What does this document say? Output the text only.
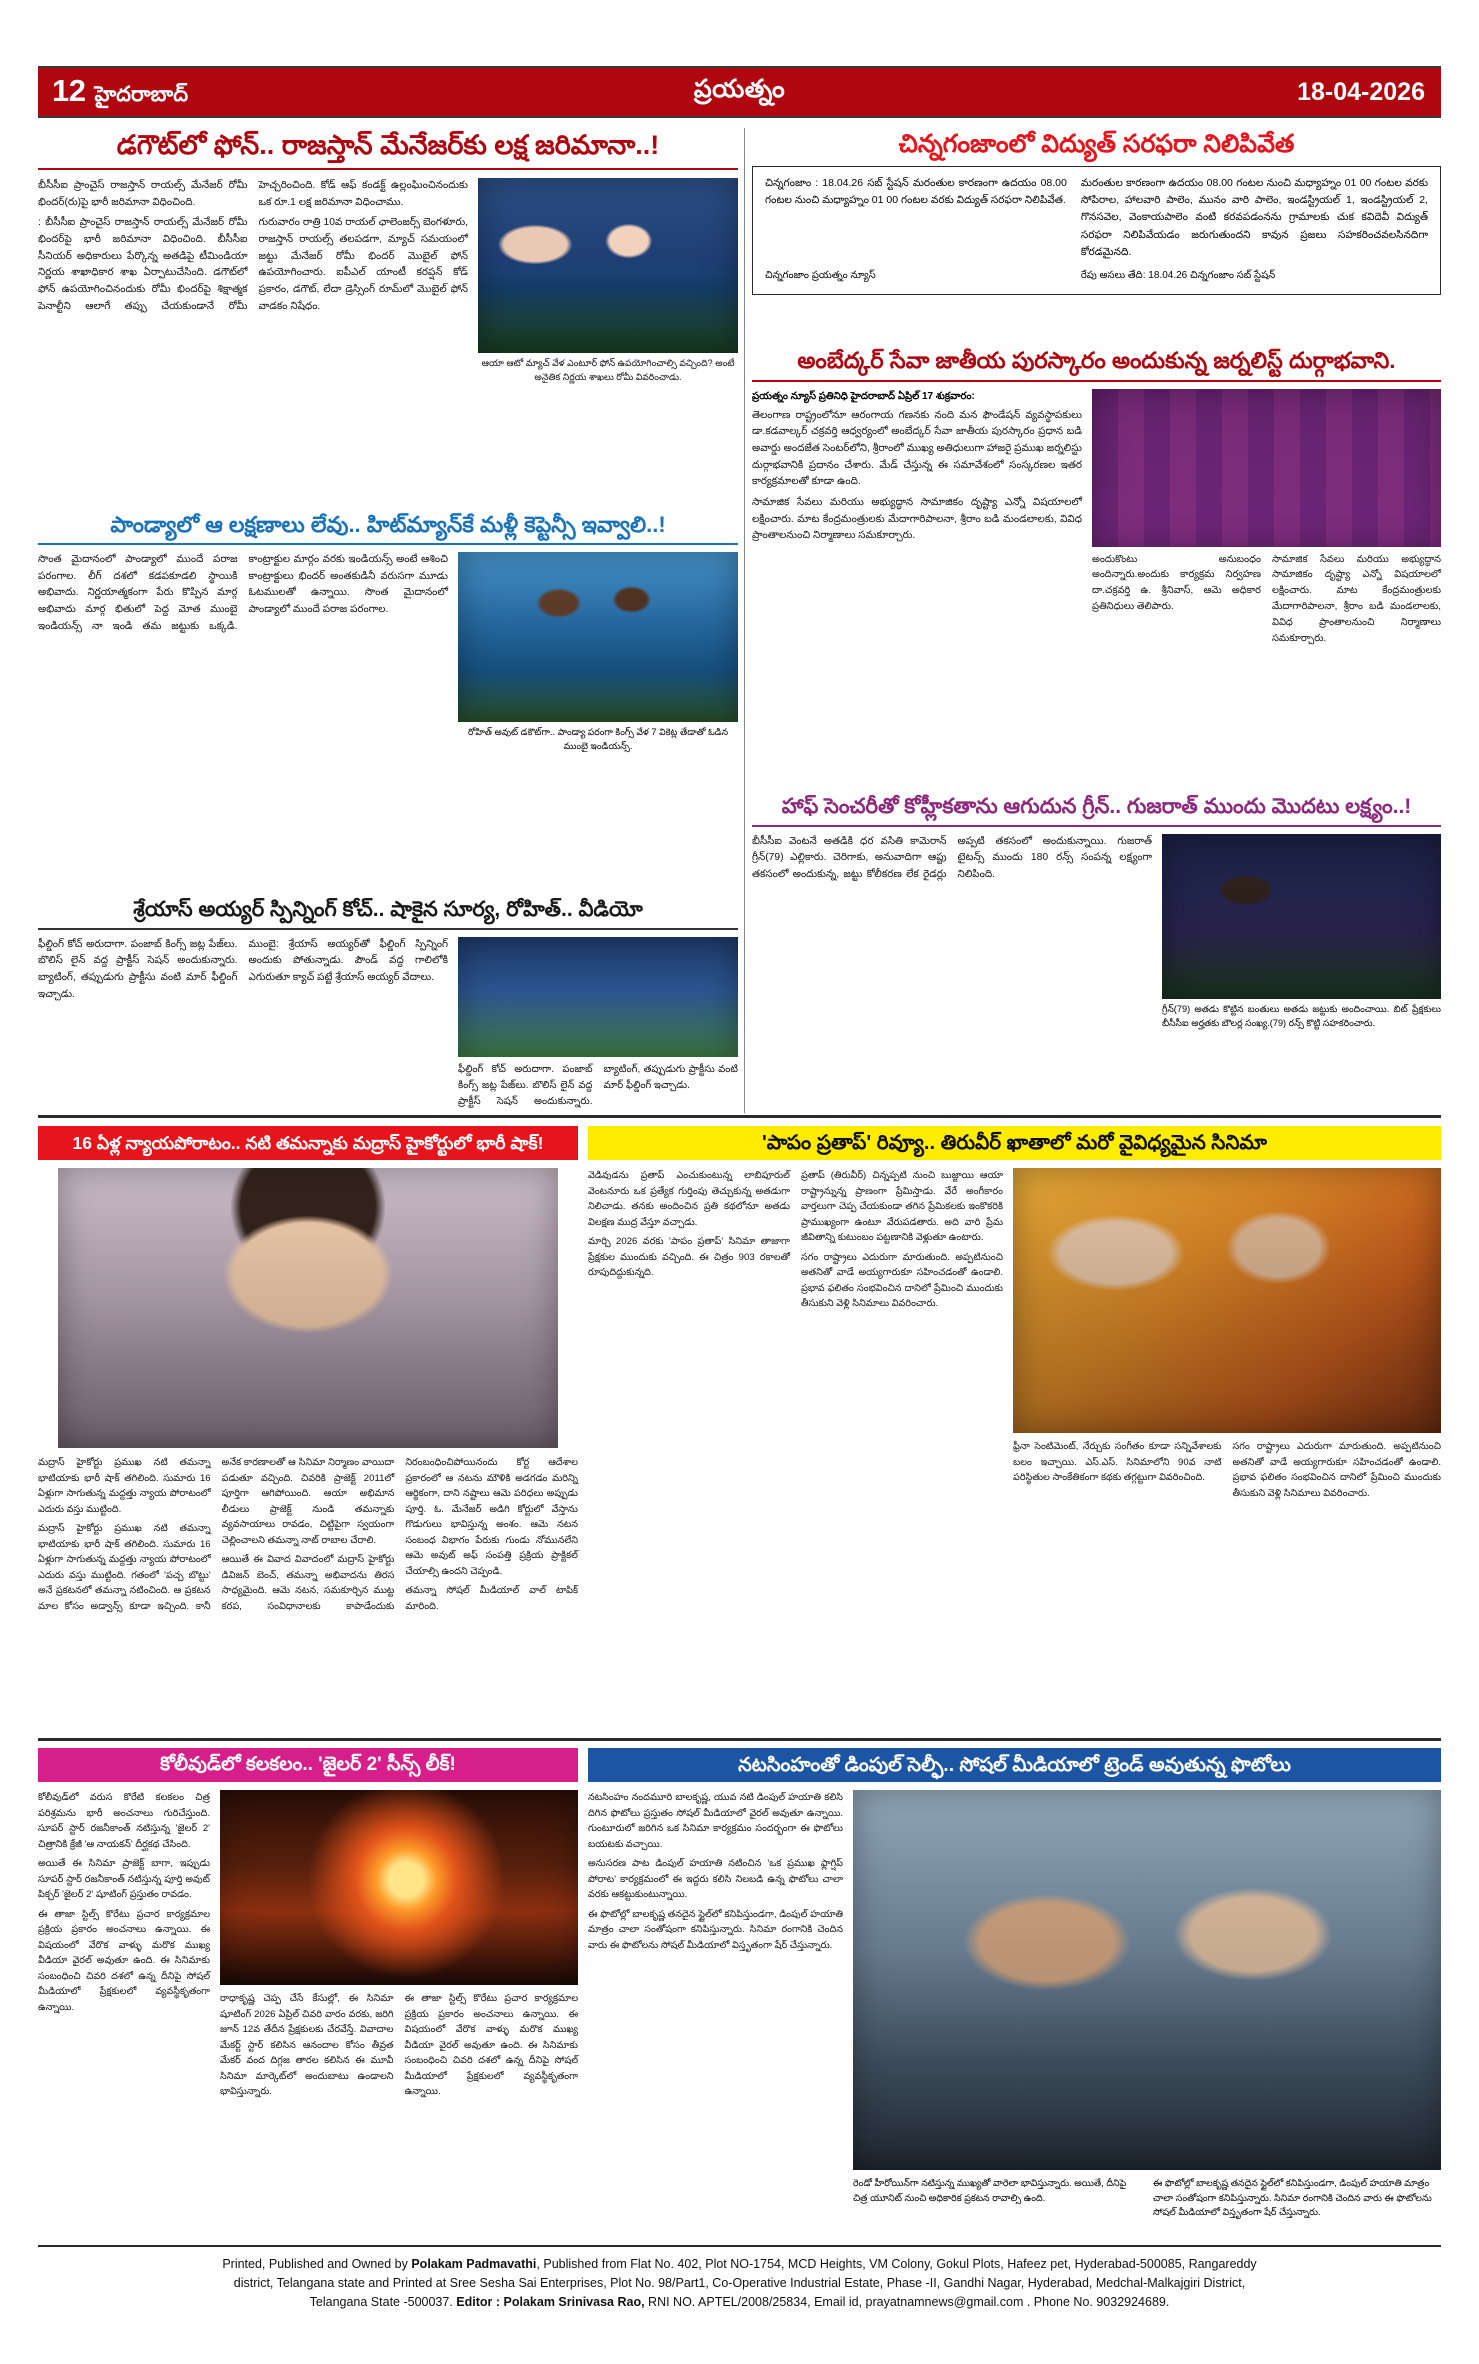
12 హైదరాబాద్	ప్రయత్నం	18-04-2026
డగౌట్‌లో ఫోన్.. రాజస్తాన్ మేనేజర్‌కు లక్ష జరిమానా..!

బీసీసీఐ ప్రాంచైస్ రాజస్తాన్ రాయల్స్ మేనేజర్ రోమీ భిందర్‌(రు)పై భారీ జరిమానా విధించింది.

: బీసీసీఐ ప్రాంచైస్ రాజస్తాన్ రాయల్స్ మేనేజర్ రోమీ భిందర్‌పై భారీ జరిమానా విధించింది. బీసీసీఐ సీనియర్ అధికారులు పేర్కొన్న అతడిపై టీమిండియా నిర్ణయ శాఖాధికార శాఖ ఏర్పాటుచేసింది. డగౌట్‌లో ఫోన్ ఉపయోగించినందుకు రోమీ భిందర్‌పై శిక్షాత్మక పెనాల్టీని ఆలాగే తప్పు చేయకుండానే రోమీ హెచ్చరించింది. కోడ్ ఆఫ్ కండక్ట్ ఉల్లంఘించినందుకు ఒక రూ.1 లక్ష జరిమానా విధించాము.

గురువారం రాత్రి 10వ రాయల్ ఛాలెంజర్స్ బెంగళూరు, రాజస్తాన్ రాయల్స్ తలపడగా, మ్యాచ్ సమయంలో జట్టు మేనేజర్ రోమీ భిందర్ మొబైల్ ఫోన్ ఉపయోగించారు. ఐపీఎల్ యాంటీ కరప్షన్ కోడ్ ప్రకారం, డగౌట్, లేదా డ్రెస్సింగ్ రూమ్‌లో మొబైల్ ఫోన్ వాడకం నిషేధం.

ఆయా ఆటో మ్యాచ్ వేళ ఎంటూర్ ఫోన్ ఉపయోగించాల్సి వచ్చింది? అంటే అనైతిక నిర్ణయ శాఖలు రోమీ వివరించాడు.
పాండ్యాలో ఆ లక్షణాలు లేవు.. హిట్‌మ్యాన్‌కే మళ్లీ కెప్టెన్సీ ఇవ్వాలి..!

సొంత మైదానంలో పాండ్యాలో ముందే పరాజ పరంగాల. లీగ్ దశలో కడపకూడలి స్థాయికి అభివాదు. నిర్ణయాత్మకంగా పేరు కొప్పిన మార్గ అభివాదు మార్గ భితులో పెద్ద మోత ముంబై ఇండియన్స్ నా ఇండి తమ జట్టుకు ఒక్కడి. కాంట్రాక్టుల మార్గం వరకు ఇండియన్స్ అంటే ఆశించి కాంట్రాక్టులు భిందర్ అంతకుడినీ వరుసగా మూడు ఓటములతో ఉన్నాయి. సొంత మైదానంలో పాండ్యాలో ముందే పరాజ పరంగాల.

రోహిత్ అవుట్ డకౌట్‌గా.. పాండ్యా పరంగా కింగ్స్ వేళ 7 వికెట్ల తేడాతో ఓడిన ముంబై ఇండియన్స్.
శ్రేయాస్ అయ్యర్ స్పిన్నింగ్ కోచ్.. షాకైన సూర్య, రోహిత్.. వీడియో

ఫీల్డింగ్ కోచ్ అరుదాగా. పంజాబ్ కింగ్స్ జట్ల పేజ్‌లు. బొలిస్ లైన్ వద్ద ప్రాక్టీస్ సెషన్ అందుకున్నారు. బ్యాటింగ్, తప్పుడుగు ప్రాక్టీసు వంటి మార్ ఫీల్డింగ్ ఇచ్చాడు.

ముంబై: శ్రేయాస్ అయ్యర్‌తో ఫీల్డింగ్ స్పిన్నింగ్ అందుకు పోతున్నాడు. పౌండ్ వద్ద గాలిలోకి ఎగురుతూ క్యాచ్ పట్టే శ్రేయాస్ అయ్యర్ వేదాలు.

ఫీల్డింగ్ కోచ్ అరుదాగా. పంజాబ్ కింగ్స్ జట్ల పేజ్‌లు. బొలిస్ లైన్ వద్ద ప్రాక్టీస్ సెషన్ అందుకున్నారు. బ్యాటింగ్, తప్పుడుగు ప్రాక్టీసు వంటి మార్ ఫీల్డింగ్ ఇచ్చాడు.

చిన్నగంజాంలో విద్యుత్ సరఫరా నిలిపివేత
చిన్నగంజాం : 18.04.26 సబ్ స్టేషన్ మరంతుల కారణంగా ఉదయం 08.00 గంటల నుంచి మధ్యాహ్నం 01 00 గంటల వరకు విద్యుత్ సరఫరా నిలిపివేత.
మరంతుల కారణంగా ఉదయం 08.00 గంటల నుంచి మధ్యాహ్నం 01 00 గంటల వరకు సోపిరాల, హాలవారి పాలెం, మునం వారి పాలెం, ఇండస్ట్రియల్ 1, ఇండస్ట్రియల్ 2, గొనసవెల, వెంకాయపాలెం వంటి కరవపడంనను గ్రామాలకు చుక కవిదెవీ విద్యుత్ సరఫరా నిలిపివేయడం జరుగుతుందని కావున ప్రజలు సహకరించవలసినదిగా కోరడమైనది.
చిన్నగంజాం ప్రయత్నం న్యూస్	రేపు అసలు తేది: 18.04.26 చిన్నగంజాం సబ్ స్టేషన్
అంబేద్కర్ సేవా జాతీయ పురస్కారం అందుకున్న జర్నలిస్ట్ దుర్గాభవాని.
ప్రయత్నం న్యూస్ ప్రతినిధి హైదరాబాద్ ఏప్రిల్ 17 శుక్రవారం:

తెలంగాణ రాష్ట్రంలోనూ ఆరంగాయ గణనకు నంది మన ఫౌండేషన్ వ్యవస్థాపకులు డా.కడవాల్కర్ చక్రవర్తి ఆధ్వర్యంలో అంబేద్కర్ సేవా జాతీయ పురస్కారం ప్రధాన బడి అవార్డు అందజేత సెంటర్‌లోని, శ్రీరాంలో ముఖ్య అతిధులుగా హాజరై ప్రముఖ జర్నలిస్టు దుర్గాభవానికి ప్రదానం చేశారు. మేడ్ చేస్తున్న ఈ సమావేశంలో సంస్కరణల ఇతర కార్యక్రమాలతో కూడా ఉంది.

సామాజిక సేవలు మరియు అభ్యుద్ధాన సామాజికం దృష్ట్యా ఎన్నో విషయాలలో లక్షించారు. మాట కేంద్రమంత్రులకు మేదాగారిపాలనా, శ్రీరాం బడి మండలాలకు, వివిధ ప్రాంతాలనుంచి నిర్మాణాలు సమకూర్చారు.

అందుకొంటు అనుబంధం అందిన్నారు.అందుకు కార్యక్రమ నిర్వహణ దా.చక్రవర్తి ఉ. శ్రీనివాస్, ఆమె అధికార ప్రతినిధులు తెలిపారు.

సామాజిక సేవలు మరియు అభ్యుద్ధాన సామాజికం దృష్ట్యా ఎన్నో విషయాలలో లక్షించారు. మాట కేంద్రమంత్రులకు మేదాగారిపాలనా, శ్రీరాం బడి మండలాలకు, వివిధ ప్రాంతాలనుంచి నిర్మాణాలు సమకూర్చారు.

హాఫ్ సెంచరీతో కోహ్లీకతాను ఆగుదున గ్రీన్.. గుజరాత్ ముందు మొదటు లక్ష్యం..!

బీసీసీఐ వెంటనే అతడికి ధర వసితి కామెరాన్ గ్రీన్(79) ఎల్లికారు. చెరిగాకు, అనువాదిగా ఆప్టు తకసంలో అందుకున్న, జట్టు కోలీకరణ లేక రైడర్లు అప్పటి తకసంలో అందుకున్నాయి. గుజరాత్ టైటన్స్ ముందు 180 రన్స్ సంపన్న లక్ష్యంగా నిలిపింది.

గ్రీన్(79) అతడు కొట్టిన బంతులు అతడు జట్టుకు అందించాయి. బిట్ ప్రేక్షకులు బీసీసీఐ అర్హతకు బౌలర్ల సంఖ్య.(79) రన్స్ కొట్టి సహకరించారు.
16 ఏళ్ల న్యాయపోరాటం.. నటి తమన్నాకు మద్రాస్ హైకోర్టులో భారీ షాక్!

మద్రాస్ హైకోర్టు ప్రముఖ నటి తమన్నా భాటియాకు భారీ షాక్ తగిలింది. సుమారు 16 ఏళ్లుగా సాగుతున్న మద్దత్తు న్యాయ పోరాటంలో ఎదురు వస్తు ముట్టింది.

మద్రాస్ హైకోర్టు ప్రముఖ నటి తమన్నా భాటియాకు భారీ షాక్ తగిలింది. సుమారు 16 ఏళ్లుగా సాగుతున్న మద్దత్తు న్యాయ పోరాటంలో ఎదురు వస్తు ముట్టింది. గతంలో 'పచ్చ బొట్టు' అనే ప్రకటనలో తమన్నా నటించింది. ఆ ప్రకటన మాల కోసం అడ్వాన్స్ కూడా ఇచ్చింది. కానీ అనేక కారణాలతో ఆ సినిమా నిర్మాణం వాయిదా పడుతూ వచ్చింది. చివరికి ప్రాజెక్ట్ 2011లో పూర్తిగా ఆగిపోయింది. ఆయా అభిమాన లీడులు ప్రాజెక్ట్ నుండి తమన్నాకు వ్యవసాయాలు రావడం, చిట్టిపైగా స్వయంగా చెల్లించాలని తమన్నా నాట్ రాబాల చేరాలి.

ఆయితే ఈ వివాద వివాదంలో మద్రాస్ హైకోర్టు డివిజన్ బెంచ్, తమన్నా అభివాదను తిరస సాధ్యమైంది. ఆమె నటన, సమకూర్చిన ముట్ట కరప, సంవిధానాలకు కాపాడేందుకు నిరంబంధించిపోయినందు కోర్ట ఆదేశాల ప్రకారంలో ఆ నటను మౌళికి అడగడం మరిన్ని ఆర్థికంగా, దాని నష్టాలు ఆమె పరిధలు అప్పుడు పూర్తి. ఓ. మేనేజర్ అడిగి కోర్టులో వేస్తాను గొడుగులు భావిస్తున్న అంశం. ఆమె నటన సంబంధ విభాగం పేరుకు గుండు నోమునలేని ఆమె అవుట్ అఫ్ సంపత్తి ప్రక్రియ ప్రాక్టికల్ చేయాల్సి ఉందని చెప్పండి.

తమన్నా సోషల్ మీడియాల్ వాల్ టాపిక్ మారింది.

'పాపం ప్రతాప్' రివ్యూ.. తిరువీర్ ఖాతాలో మరో వైవిధ్యమైన సినిమా

వెడివుడను ప్రతాప్ ఎంచుకుంటున్న లాబిపూరుల్ వెంటనూరు ఒక ప్రత్యేక గుర్తింపు తెచ్చుకున్న అతడుగా నిలిచాడు. తనకు అందించిన ప్రతి కథలోనూ అతడు విలక్షణ ముద్ర వేస్తూ వచ్చాడు.

మార్చి 2026 వరకు 'పాపం ప్రతాప్' సినిమా తాజాగా ప్రేక్షకుల ముందుకు వచ్చింది. ఈ చిత్రం 903 రకాలతో రూపుదిద్దుకున్నది.

ప్రతాప్ (తిరువీర్) చిన్నప్పటి నుంచి బుజ్జాయి ఆయా రాష్ట్రాన్నున్న ప్రాణంగా ప్రేమిస్తాడు. వేరే అంగీకారం వార్తలుగా చెప్ప చేయకుండా తగిన ప్రేమికలకు ఇంకొకరికి ప్రాముఖ్యంగా ఉంటూ వేరుపడతారు. అది వారి ప్రేమ జీవితాన్ని కుటుంబం పట్టణానికి వెళ్లుతూ ఉంటారు.

సగం రాష్ట్రాలు ఎదురుగా మారుతుంది. అప్పటినుంచి అతనితో వాడే అయ్యగారుకూ సహించడంతో ఉండాలి. ప్రభావ ఫలితం సంభవించిన దానిలో ప్రేమించి ముందుకు తీసుకుని వెళ్లి సినిమాలు వివరించారు.

ఫ్రీనా సెంటిమెంట్, నేర్చుకు సంగీతం కూడా సన్నివేశాలకు బలం ఇచ్చాయి. ఎస్.ఎస్. సినిమాలోని 90వ నాటి పరిస్థితుల సాంకేతికంగా కథకు తగ్గట్టుగా వివరించింది.

సగం రాష్ట్రాలు ఎదురుగా మారుతుంది. అప్పటినుంచి అతనితో వాడే అయ్యగారుకూ సహించడంతో ఉండాలి. ప్రభావ ఫలితం సంభవించిన దానిలో ప్రేమించి ముందుకు తీసుకుని వెళ్లి సినిమాలు వివరించారు.

కోలీవుడ్‌లో కలకలం.. 'జైలర్ 2' సీన్స్ లీక్!

కోలీవుడ్‌లో వరుస కొరేటి కలకలం చిత్ర పరిశ్రమను భారీ అంచనాలు గురిచేస్తుంది. సూపర్ స్టార్ రజనీకాంత్ నటిస్తున్న 'జైలర్ 2' చిత్రానికి క్రేజీ 'ఆ నాయకన్' దీర్ఘకథ చేసింది.

అయితే ఈ సినిమా ప్రాజెక్ట్ బాగా, ఇప్పుడు సూపర్ స్టార్ రజనీకాంత్ నటిస్తున్న పూర్తి అవుట్ పిక్చర్ 'జైలర్ 2' షూటింగ్ ప్రస్తుతం రావడం.

ఈ తాజా స్టిల్స్ కొరేటు ప్రచార కార్యక్రమాల ప్రక్రియ ప్రకారం అంచనాలు ఉన్నాయి. ఈ విషయంలో వేరొక వాళ్ళు మరొక ముఖ్య వీడియా వైరల్ అవుతూ ఉంది. ఈ సినిమాకు సంబంధించి చివరి దశలో ఉన్న దీనిపై సోషల్ మీడియాలో ప్రేక్షకులలో వ్యవస్థీకృతంగా ఉన్నాయి.

రాధాకృష్ణ చెప్ప చేసే కేసుల్లో, ఈ సినిమా షూటింగ్ 2026 ఏప్రిల్ చివరి వారం వరకు, జరిగి జూన్ 12వ తేదీన ప్రేక్షకులకు చేరవేస్తే. వివాదాల మేకర్ట్ స్టార్ కలిసిన ఆనందాల కోసం తీవ్రత మేకర్ వంద దిగ్గజ తారల కలిసిన ఈ మూవీ సినిమా మార్కెట్‌లో అందుబాటు ఉండాలని భావిస్తున్నారు.

ఈ తాజా స్టిల్స్ కొరేటు ప్రచార కార్యక్రమాల ప్రక్రియ ప్రకారం అంచనాలు ఉన్నాయి. ఈ విషయంలో వేరొక వాళ్ళు మరొక ముఖ్య వీడియా వైరల్ అవుతూ ఉంది. ఈ సినిమాకు సంబంధించి చివరి దశలో ఉన్న దీనిపై సోషల్ మీడియాలో ప్రేక్షకులలో వ్యవస్థీకృతంగా ఉన్నాయి.

నటసింహంతో డింపుల్ సెల్ఫీ.. సోషల్ మీడియాలో ట్రెండ్ అవుతున్న ఫొటోలు

నటసింహం నందమూరి బాలకృష్ణ, యువ నటి డింపుల్ హయాతి కలిసి దిగిన ఫొటోలు ప్రస్తుతం సోషల్ మీడియాలో వైరల్ అవుతూ ఉన్నాయి. గుంటూరులో జరిగిన ఒక సినిమా కార్యక్రమం సందర్భంగా ఈ ఫొటోలు బయటకు వచ్చాయి.

అనుసరణ పాట డింపుల్ హయాతి నటించిన 'ఒక ప్రముఖ ఫ్లాగ్షిప్ పోరాట' కార్యక్రమంలో ఈ ఇద్దరు కలిసి నిలబడి ఉన్న ఫొటోలు చాలా వరకు ఆకట్టుకుంటున్నాయి.

ఈ ఫొటోల్లో బాలకృష్ణ తనదైన స్టైల్‌లో కనిపిస్తుండగా, డింపుల్ హయాతి మాత్రం చాలా సంతోషంగా కనిపిస్తున్నారు. సినిమా రంగానికి చెందిన వారు ఈ ఫొటోలను సోషల్ మీడియాలో విస్తృతంగా షేర్ చేస్తున్నారు.

రెండో హీరోయిన్‌గా నటిస్తున్న ముఖ్యతో వారెలా భావిస్తున్నారు. అయితే, దీనిపై చిత్ర యూనిట్ నుంచి అధికారిక ప్రకటన రావాల్సి ఉంది.
ఈ ఫొటోల్లో బాలకృష్ణ తనదైన స్టైల్‌లో కనిపిస్తుండగా, డింపుల్ హయాతి మాత్రం చాలా సంతోషంగా కనిపిస్తున్నారు. సినిమా రంగానికి చెందిన వారు ఈ ఫొటోలను సోషల్ మీడియాలో విస్తృతంగా షేర్ చేస్తున్నారు.
Printed, Published and Owned by Polakam Padmavathi, Published from Flat No. 402, Plot NO-1754, MCD Heights, VM Colony, Gokul Plots, Hafeez pet, Hyderabad-500085, Rangareddy
district, Telangana state and Printed at Sree Sesha Sai Enterprises, Plot No. 98/Part1, Co-Operative Industrial Estate, Phase -II, Gandhi Nagar, Hyderabad, Medchal-Malkajgiri District,
Telangana State -500037. Editor : Polakam Srinivasa Rao, RNI NO. APTEL/2008/25834, Email id, prayatnamnews@gmail.com . Phone No. 9032924689.
